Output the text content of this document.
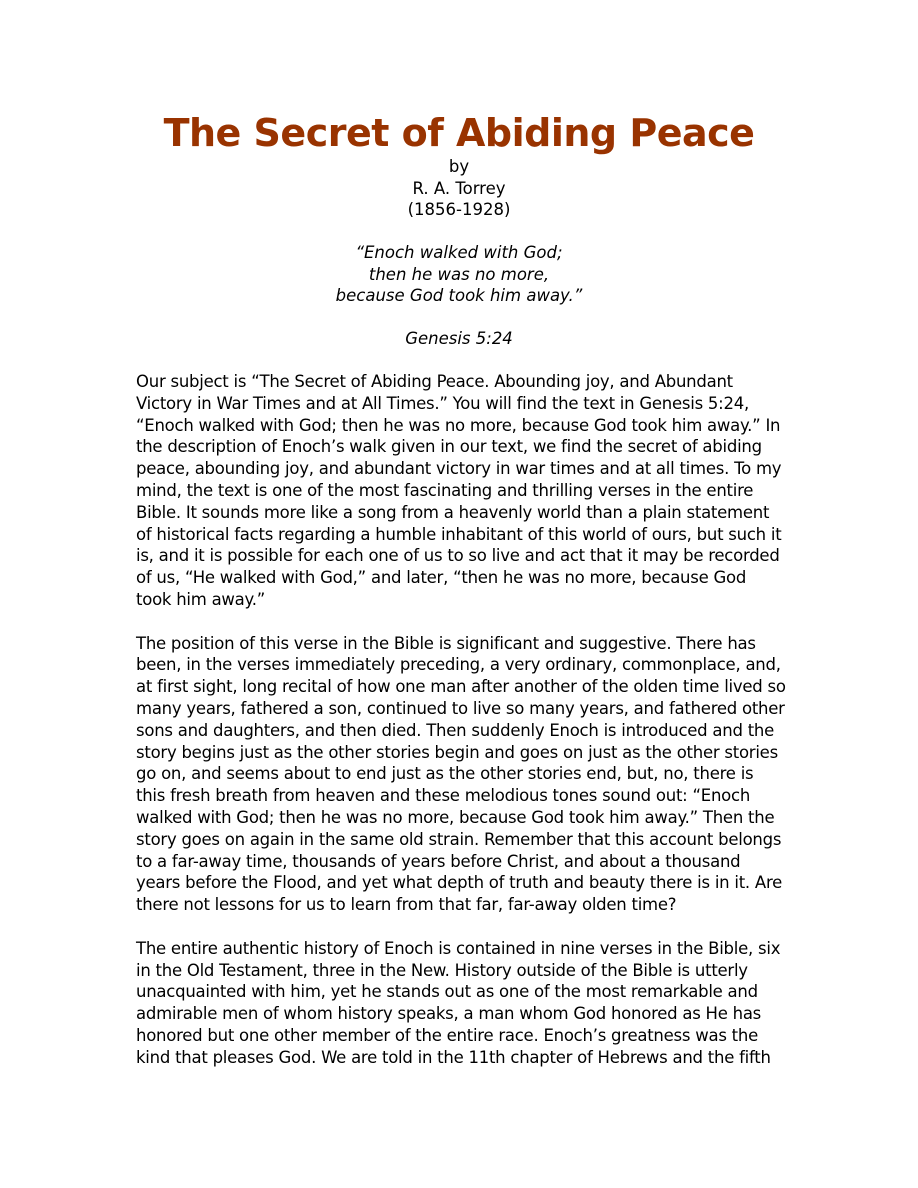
The Secret of Abiding Peace
by
R. A. Torrey
(1856-1928)
“Enoch walked with God;
then he was no more,
because God took him away.”
Genesis 5:24

Our subject is “The Secret of Abiding Peace. Abounding joy, and Abundant Victory in War Times and at All Times.” You will find the text in Genesis 5:24, “Enoch walked with God; then he was no more, because God took him away.” In the description of Enoch’s walk given in our text, we find the secret of abiding peace, abounding joy, and abundant victory in war times and at all times. To my mind, the text is one of the most fascinating and thrilling verses in the entire Bible. It sounds more like a song from a heavenly world than a plain statement of historical facts regarding a humble inhabitant of this world of ours, but such it is, and it is possible for each one of us to so live and act that it may be recorded of us, “He walked with God,” and later, “then he was no more, because God took him away.”

The position of this verse in the Bible is significant and suggestive. There has been, in the verses immediately preceding, a very ordinary, commonplace, and, at first sight, long recital of how one man after another of the olden time lived so many years, fathered a son, continued to live so many years, and fathered other sons and daughters, and then died. Then suddenly Enoch is introduced and the story begins just as the other stories begin and goes on just as the other stories go on, and seems about to end just as the other stories end, but, no, there is this fresh breath from heaven and these melodious tones sound out: “Enoch walked with God; then he was no more, because God took him away.” Then the story goes on again in the same old strain. Remember that this account belongs to a far-away time, thousands of years before Christ, and about a thousand years before the Flood, and yet what depth of truth and beauty there is in it. Are there not lessons for us to learn from that far, far-away olden time?

The entire authentic history of Enoch is contained in nine verses in the Bible, six in the Old Testament, three in the New. History outside of the Bible is utterly unacquainted with him, yet he stands out as one of the most remarkable and admirable men of whom history speaks, a man whom God honored as He has honored but one other member of the entire race. Enoch’s greatness was the kind that pleases God. We are told in the 11th chapter of Hebrews and the fifth
